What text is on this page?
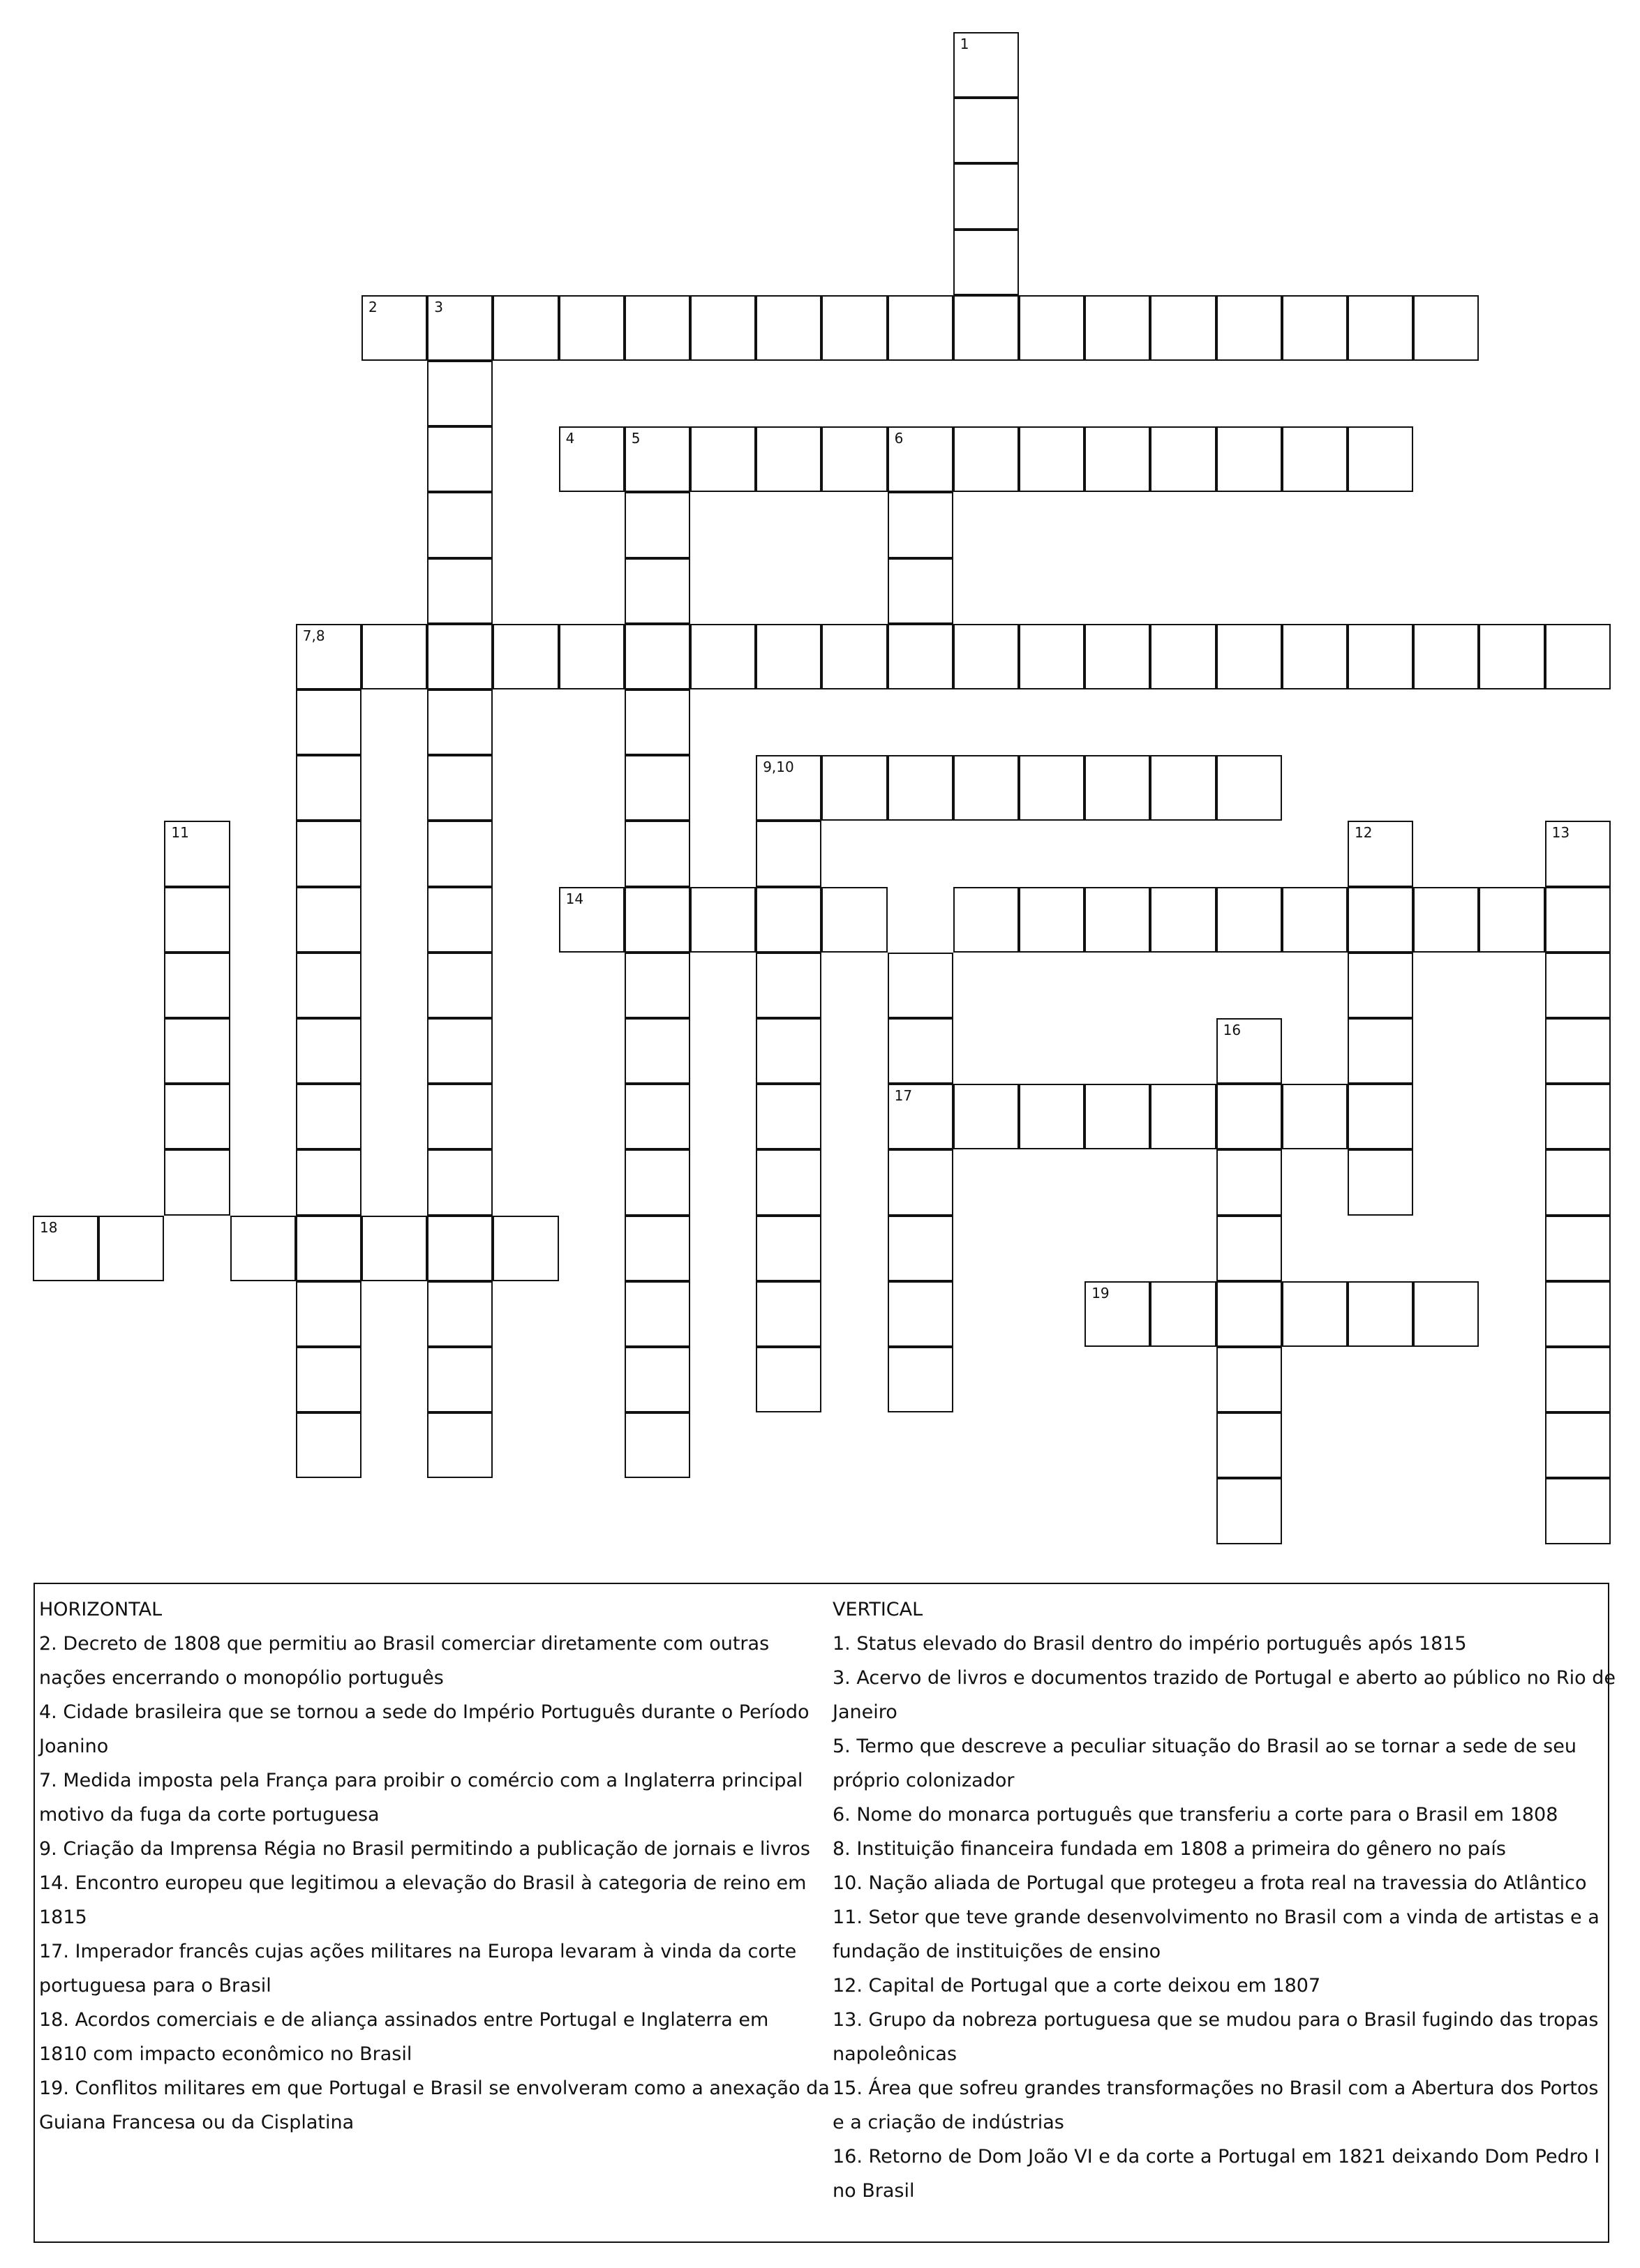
1
2	3
4	5	6
7,8
9,10
11	12	13
14
17
16
18
19
HORIZONTAL
2. Decreto de 1808 que permitiu ao Brasil comerciar diretamente com outras
nações encerrando o monopólio português
4. Cidade brasileira que se tornou a sede do Império Português durante o Período
Joanino
7. Medida imposta pela França para proibir o comércio com a Inglaterra principal
motivo da fuga da corte portuguesa
9. Criação da Imprensa Régia no Brasil permitindo a publicação de jornais e livros
14. Encontro europeu que legitimou a elevação do Brasil à categoria de reino em
1815
17. Imperador francês cujas ações militares na Europa levaram à vinda da corte
portuguesa para o Brasil
18. Acordos comerciais e de aliança assinados entre Portugal e Inglaterra em
1810 com impacto econômico no Brasil
19. Conflitos militares em que Portugal e Brasil se envolveram como a anexação da
Guiana Francesa ou da Cisplatina
VERTICAL
1. Status elevado do Brasil dentro do império português após 1815
3. Acervo de livros e documentos trazido de Portugal e aberto ao público no Rio de
Janeiro
5. Termo que descreve a peculiar situação do Brasil ao se tornar a sede de seu
próprio colonizador
6. Nome do monarca português que transferiu a corte para o Brasil em 1808
8. Instituição financeira fundada em 1808 a primeira do gênero no país
10. Nação aliada de Portugal que protegeu a frota real na travessia do Atlântico
11. Setor que teve grande desenvolvimento no Brasil com a vinda de artistas e a
fundação de instituições de ensino
12. Capital de Portugal que a corte deixou em 1807
13. Grupo da nobreza portuguesa que se mudou para o Brasil fugindo das tropas
napoleônicas
15. Área que sofreu grandes transformações no Brasil com a Abertura dos Portos
e a criação de indústrias
16. Retorno de Dom João VI e da corte a Portugal em 1821 deixando Dom Pedro I
no Brasil
